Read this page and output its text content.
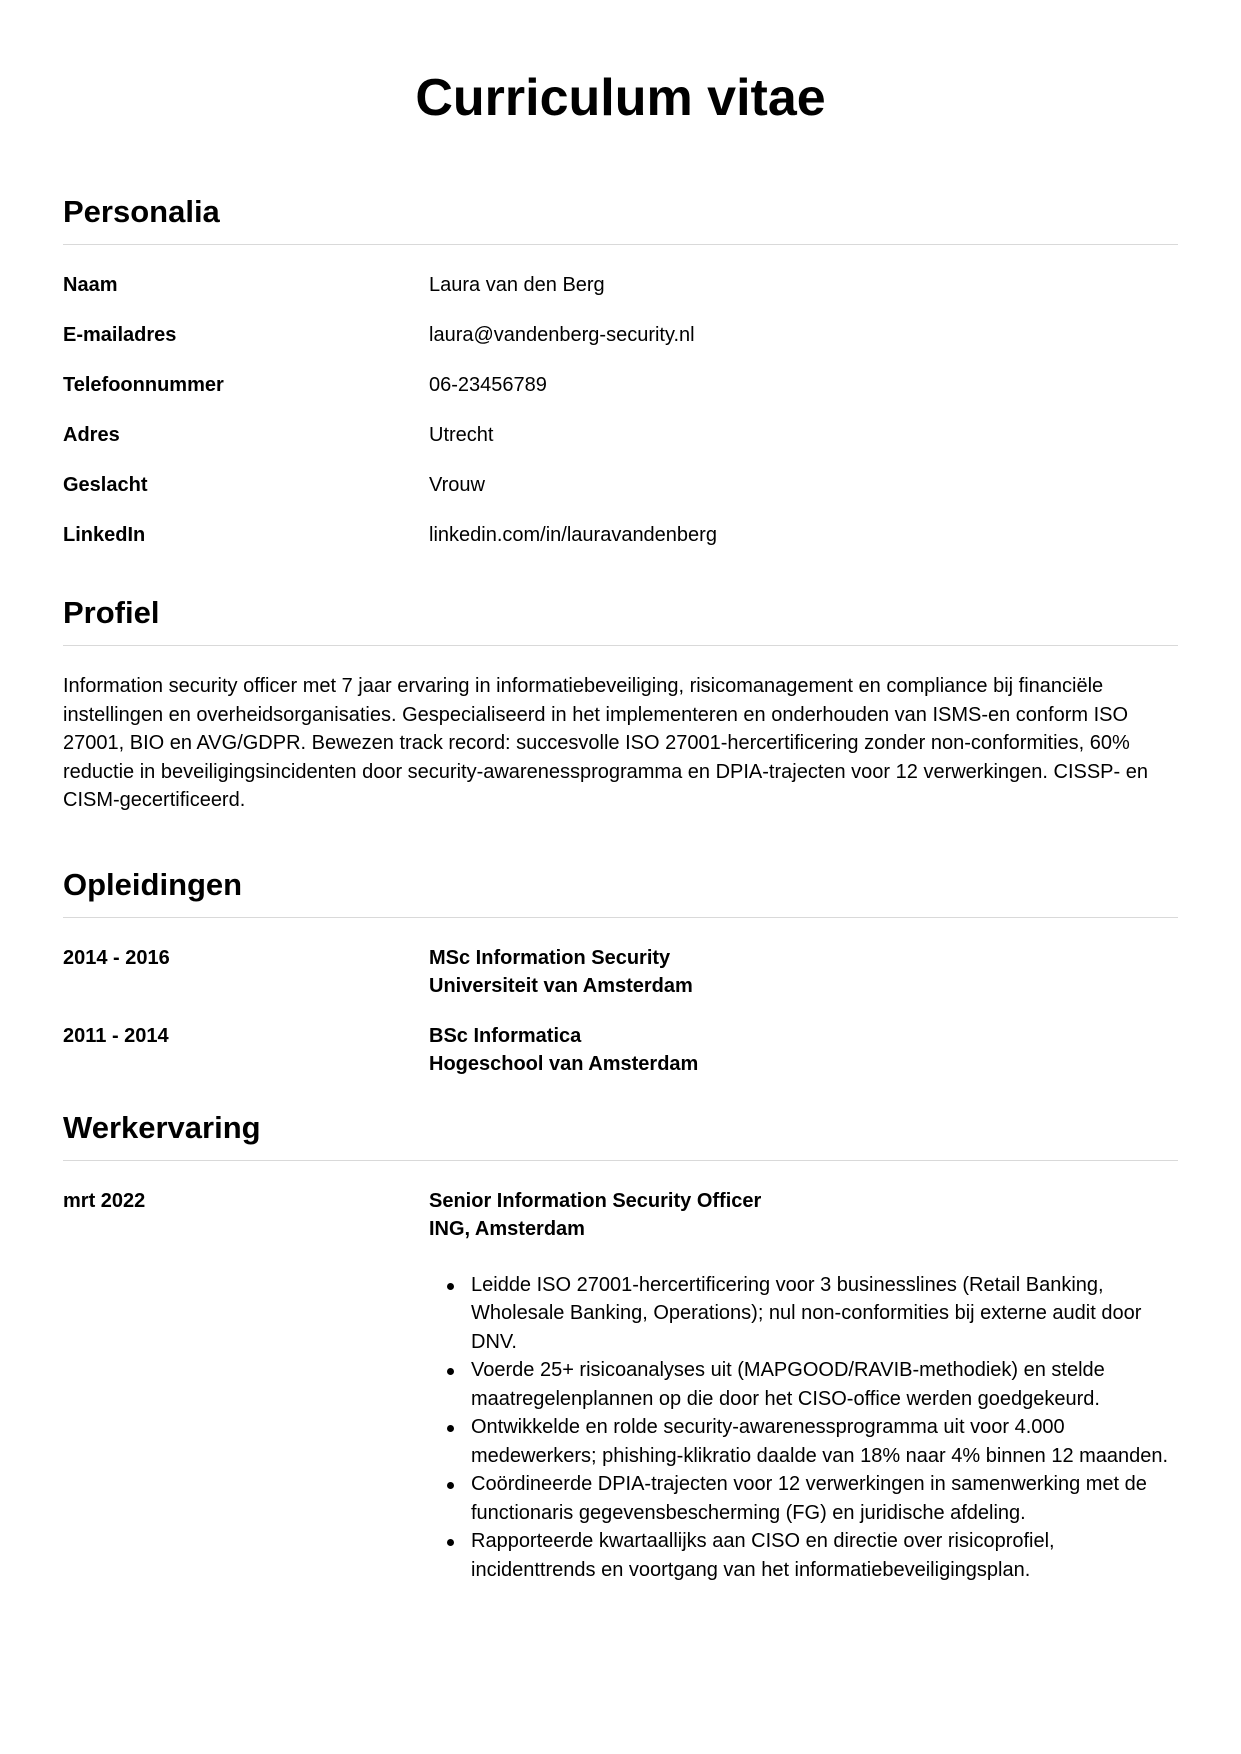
Curriculum vitae
Personalia
Naam	Laura van den Berg
E-mailadres	laura@vandenberg-security.nl
Telefoonnummer	06-23456789
Adres	Utrecht
Geslacht	Vrouw
LinkedIn	linkedin.com/in/lauravandenberg
Profiel

Information security officer met 7 jaar ervaring in informatiebeveiliging, risicomanagement en compliance bij financiële instellingen en overheidsorganisaties. Gespecialiseerd in het implementeren en onderhouden van ISMS-en conform ISO 27001, BIO en AVG/GDPR. Bewezen track record: succesvolle ISO 27001-hercertificering zonder non-conformities, 60% reductie in beveiligingsincidenten door security-awarenessprogramma en DPIA-trajecten voor 12 verwerkingen. CISSP- en CISM-gecertificeerd.

Opleidingen
2014 - 2016	MSc Information Security
Universiteit van Amsterdam
2011 - 2014	BSc Informatica
Hogeschool van Amsterdam
Werkervaring
mrt 2022	Senior Information Security Officer
ING, Amsterdam
Leidde ISO 27001-hercertificering voor 3 businesslines (Retail Banking, Wholesale Banking, Operations); nul non-conformities bij externe audit door DNV.
Voerde 25+ risicoanalyses uit (MAPGOOD/RAVIB-methodiek) en stelde maatregelenplannen op die door het CISO-office werden goedgekeurd.
Ontwikkelde en rolde security-awarenessprogramma uit voor 4.000 medewerkers; phishing-klikratio daalde van 18% naar 4% binnen 12 maanden.
Coördineerde DPIA-trajecten voor 12 verwerkingen in samenwerking met de functionaris gegevensbescherming (FG) en juridische afdeling.
Rapporteerde kwartaallijks aan CISO en directie over risicoprofiel, incidenttrends en voortgang van het informatiebeveiligingsplan.
